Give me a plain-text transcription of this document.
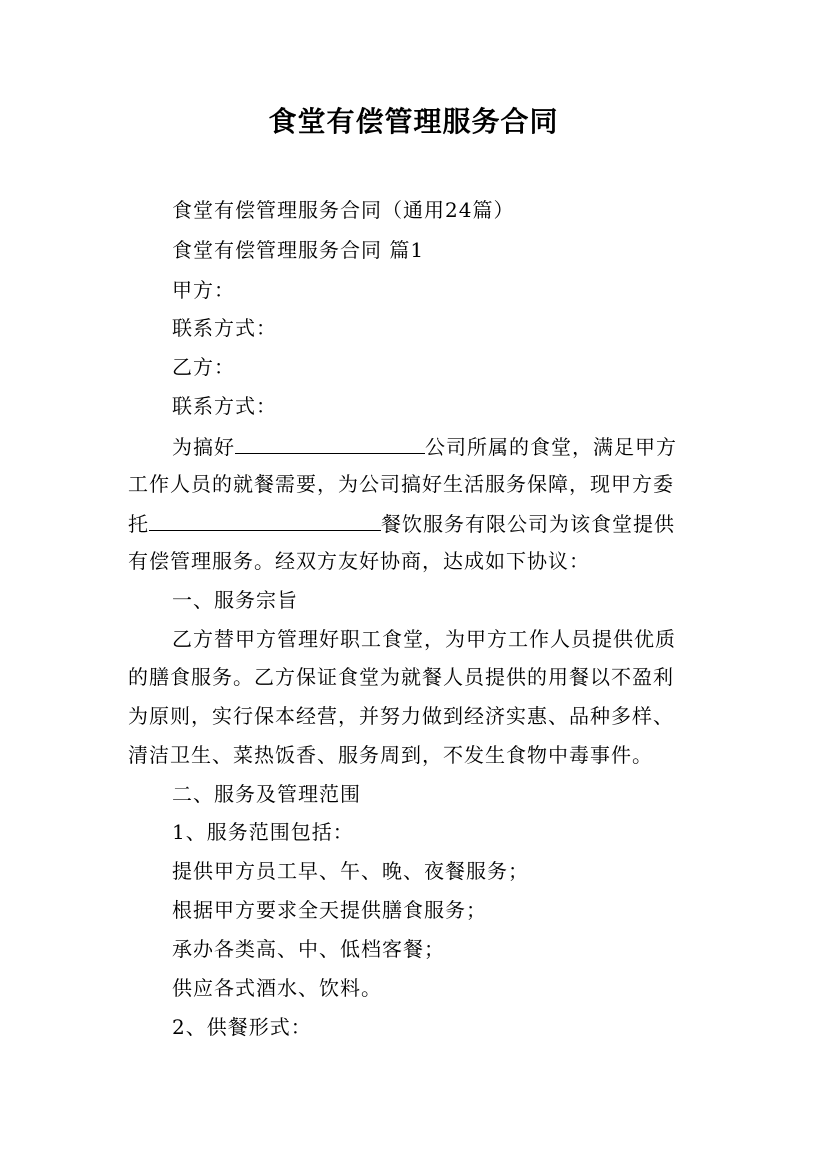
食堂有偿管理服务合同
食堂有偿管理服务合同（通用24篇）
食堂有偿管理服务合同 篇1
甲方：
联系方式：
乙方：
联系方式：
为搞好	公司所属的食堂，满足甲方
工作人员的就餐需要，为公司搞好生活服务保障，现甲方委
托	餐饮服务有限公司为该食堂提供
有偿管理服务。经双方友好协商，达成如下协议：
一、服务宗旨
乙方替甲方管理好职工食堂，为甲方工作人员提供优质
的膳食服务。乙方保证食堂为就餐人员提供的用餐以不盈利
为原则，实行保本经营，并努力做到经济实惠、品种多样、
清洁卫生、菜热饭香、服务周到，不发生食物中毒事件。
二、服务及管理范围
1、服务范围包括：
提供甲方员工早、午、晚、夜餐服务；
根据甲方要求全天提供膳食服务；
承办各类高、中、低档客餐；
供应各式酒水、饮料。
2、供餐形式：
